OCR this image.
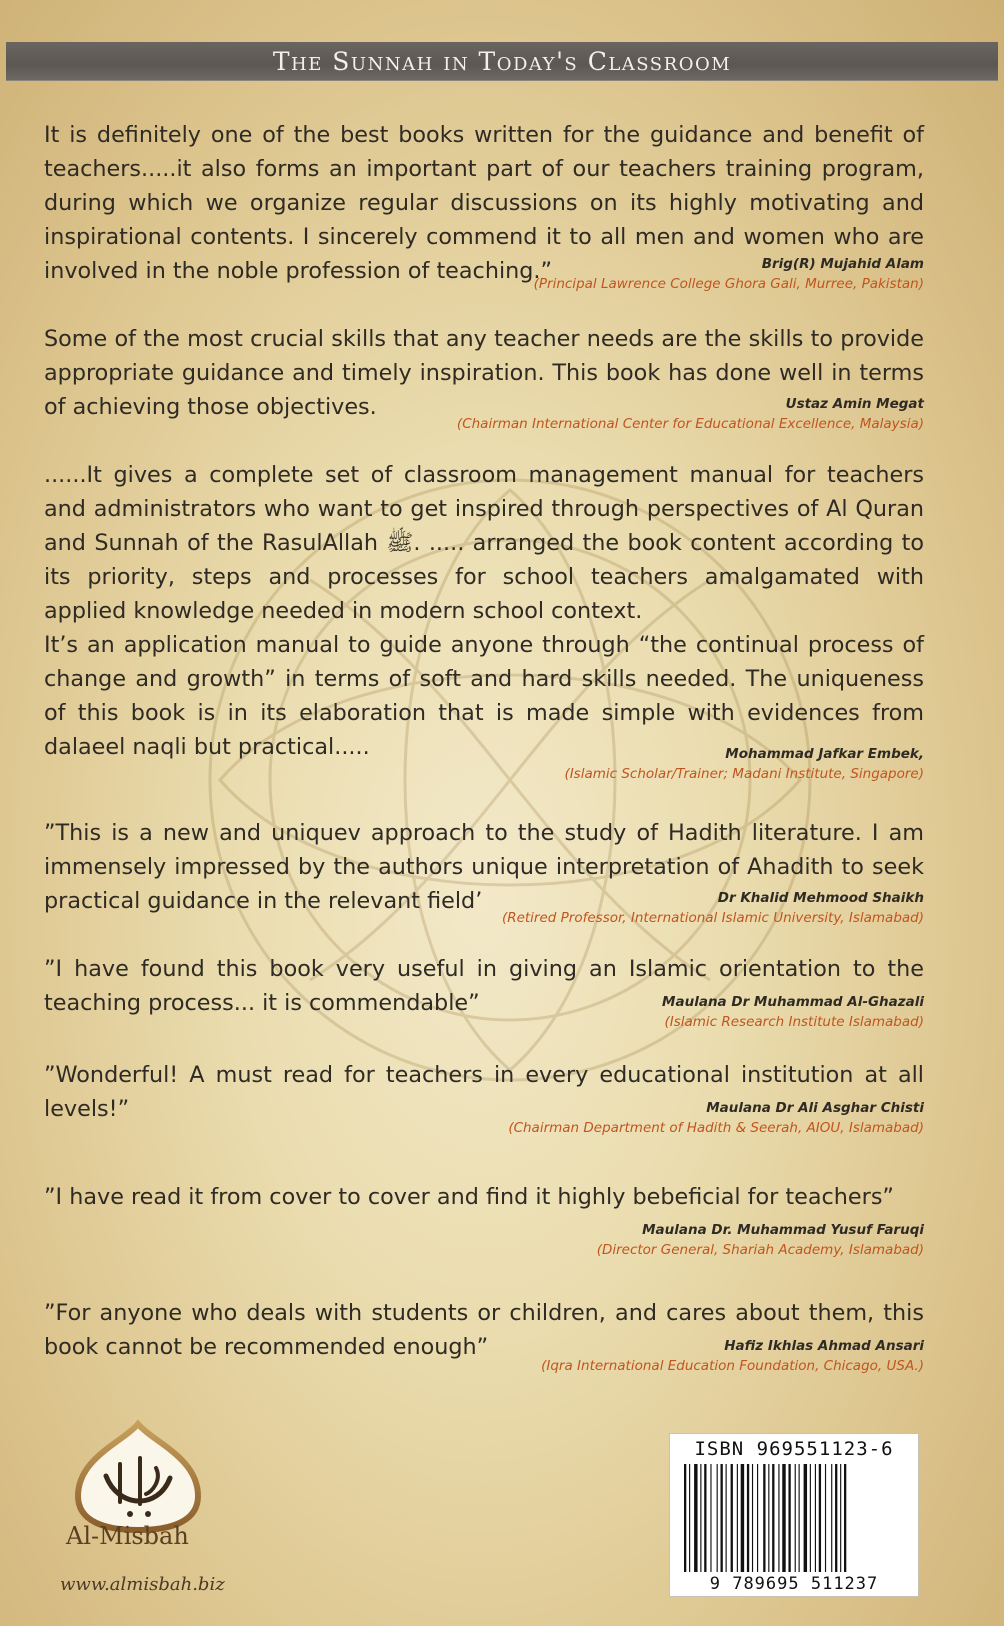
The Sunnah in Today's Classroom

It is definitely one of the best books written for the guidance and benefit of teachers.....it also forms an important part of our teachers training program, during which we organize regular discussions on its highly motivating and inspirational contents. I sincerely commend it to all men and women who are involved in the noble profession of teaching.”	Brig(R) Mujahid Alam
(Principal Lawrence College Ghora Gali, Murree, Pakistan)

Some of the most crucial skills that any teacher needs are the skills to provide appropriate guidance and timely inspiration. This book has done well in terms of achieving those objectives.	Ustaz Amin Megat
(Chairman International Center for Educational Excellence, Malaysia)

......It gives a complete set of classroom management manual for teachers and administrators who want to get inspired through perspectives of Al Quran and Sunnah of the RasulAllah ﷺ. ..... arranged the book content according to its priority, steps and processes for school teachers amalgamated with applied knowledge needed in modern school context.

It’s an application manual to guide anyone through “the continual process of change and growth” in terms of soft and hard skills needed. The uniqueness of this book is in its elaboration that is made simple with evidences from dalaeel naqli but practical.....	Mohammad Jafkar Embek,
(Islamic Scholar/Trainer; Madani Institute, Singapore)

”This is a new and uniquev approach to the study of Hadith literature. I am immensely impressed by the authors unique interpretation of Ahadith to seek practical guidance in the relevant field’	Dr Khalid Mehmood Shaikh
(Retired Professor, International Islamic University, Islamabad)

”I have found this book very useful in giving an Islamic orientation to the teaching process... it is commendable”	Maulana Dr Muhammad Al-Ghazali
(Islamic Research Institute Islamabad)

”Wonderful! A must read for teachers in every educational institution at all levels!”	Maulana Dr Ali Asghar Chisti
(Chairman Department of Hadith & Seerah, AIOU, Islamabad)

”I have read it from cover to cover and find it highly bebeficial for teachers”

Maulana Dr. Muhammad Yusuf Faruqi
(Director General, Shariah Academy, Islamabad)

”For anyone who deals with students or children, and cares about them, this book cannot be recommended enough”	Hafiz Ikhlas Ahmad Ansari
(Iqra International Education Foundation, Chicago, USA.)
Al-Misbah
www.almisbah.biz
ISBN 969551123-6
9 789695 511237
